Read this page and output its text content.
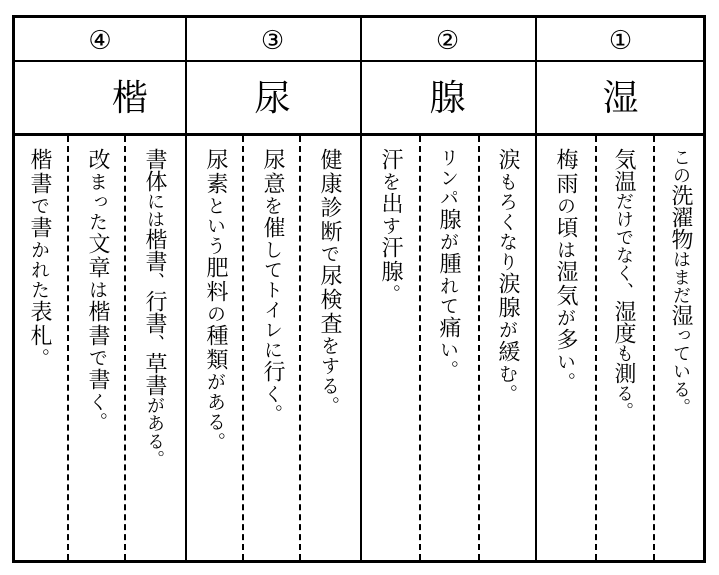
①
湿
この洗濯物はまだ湿っている。
気温だけでなく、湿度も測る。
梅雨の頃は湿気が多い。
②
腺
涙もろくなり涙腺が緩む。
リンパ腺が腫れて痛い。
汗を出す汗腺。
③
尿
健康診断で尿検査をする。
尿意を催してトイレに行く。
尿素という肥料の種類がある。
④
楷
書体には楷書、行書、草書がある。
改まった文章は楷書で書く。
楷書で書かれた表札。
